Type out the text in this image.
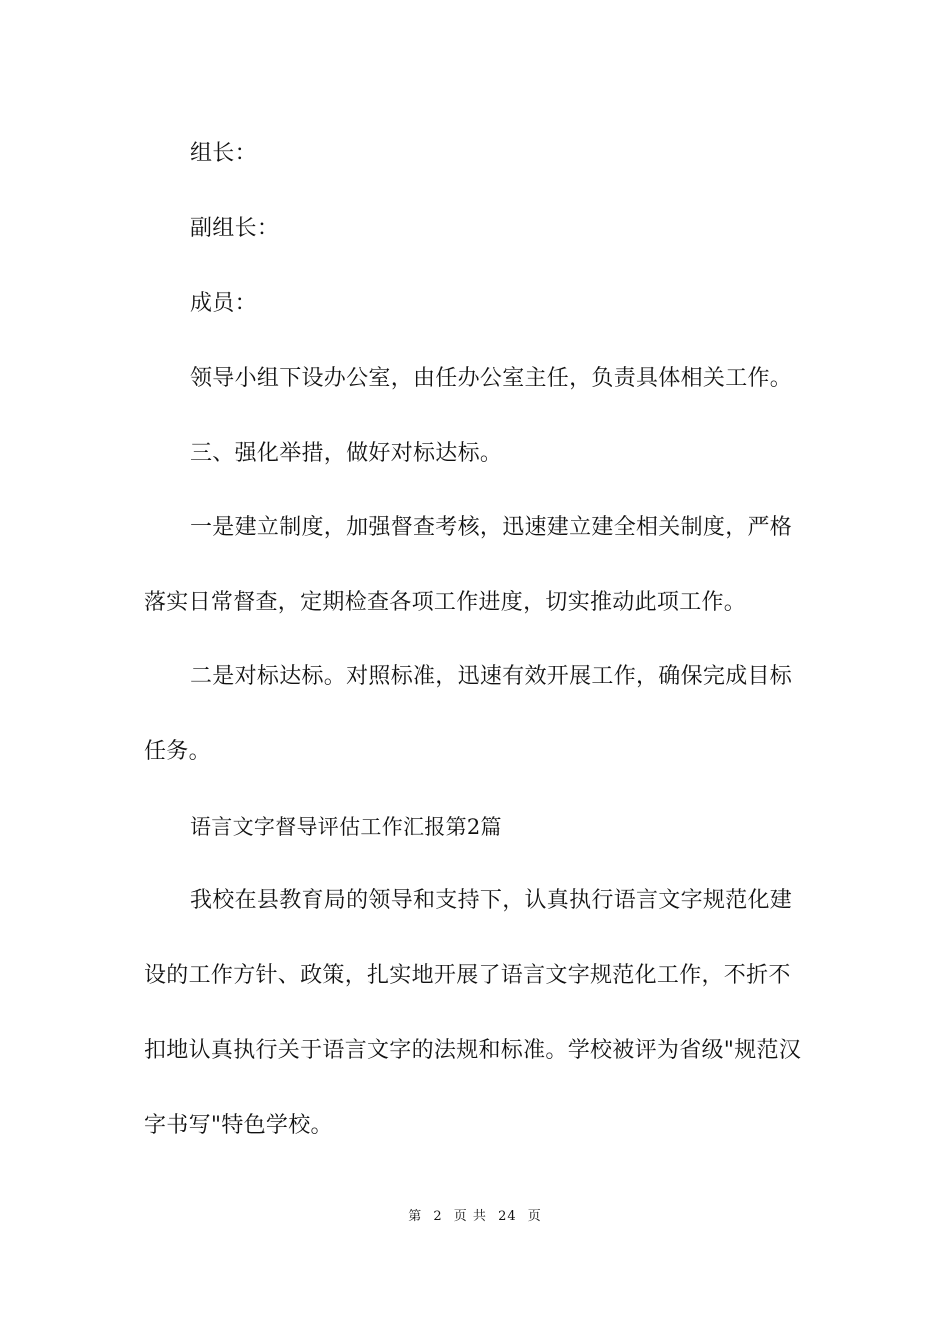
组长：
副组长：
成员：
领导小组下设办公室，由任办公室主任，负责具体相关工作。
三、强化举措，做好对标达标。
一是建立制度，加强督查考核，迅速建立建全相关制度，严格
落实日常督查，定期检查各项工作进度，切实推动此项工作。
二是对标达标。对照标准，迅速有效开展工作，确保完成目标
任务。
语言文字督导评估工作汇报第2篇
我校在县教育局的领导和支持下，认真执行语言文字规范化建
设的工作方针、政策，扎实地开展了语言文字规范化工作，不折不
扣地认真执行关于语言文字的法规和标准。学校被评为省级"规范汉
字书写"特色学校。
第 2 页 共 24 页
